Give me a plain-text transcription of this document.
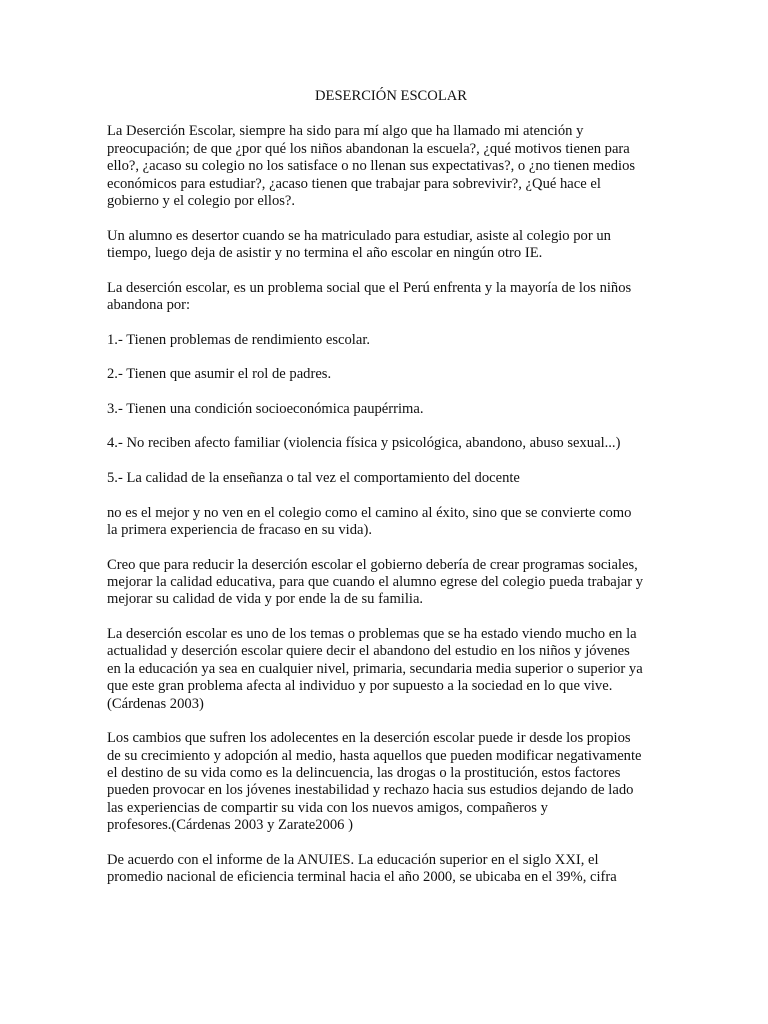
DESERCIÓN ESCOLAR
La Deserción Escolar, siempre ha sido para mí algo que ha llamado mi atención y
preocupación; de que ¿por qué los niños abandonan la escuela?, ¿qué motivos tienen para
ello?, ¿acaso su colegio no los satisface o no llenan sus expectativas?, o ¿no tienen medios
económicos para estudiar?, ¿acaso tienen que trabajar para sobrevivir?, ¿Qué hace el
gobierno y el colegio por ellos?.
Un alumno es desertor cuando se ha matriculado para estudiar, asiste al colegio por un
tiempo, luego deja de asistir y no termina el año escolar en ningún otro IE.
La deserción escolar, es un problema social que el Perú enfrenta y la mayoría de los niños
abandona por:
1.- Tienen problemas de rendimiento escolar.
2.- Tienen que asumir el rol de padres.
3.- Tienen una condición socioeconómica paupérrima.
4.- No reciben afecto familiar (violencia física y psicológica, abandono, abuso sexual...)
5.- La calidad de la enseñanza o tal vez el comportamiento del docente
no es el mejor y no ven en el colegio como el camino al éxito, sino que se convierte como
la primera experiencia de fracaso en su vida).
Creo que para reducir la deserción escolar el gobierno debería de crear programas sociales,
mejorar la calidad educativa, para que cuando el alumno egrese del colegio pueda trabajar y
mejorar su calidad de vida y por ende la de su familia.
La deserción escolar es uno de los temas o problemas que se ha estado viendo mucho en la
actualidad y deserción escolar quiere decir el abandono del estudio en los niños y jóvenes
en la educación ya sea en cualquier nivel, primaria, secundaria media superior o superior ya
que este gran problema afecta al individuo y por supuesto a la sociedad en lo que vive.
(Cárdenas 2003)
Los cambios que sufren los adolecentes en la deserción escolar puede ir desde los propios
de su crecimiento y adopción al medio, hasta aquellos que pueden modificar negativamente
el destino de su vida como es la delincuencia, las drogas o la prostitución, estos factores
pueden provocar en los jóvenes inestabilidad y rechazo hacia sus estudios dejando de lado
las experiencias de compartir su vida con los nuevos amigos, compañeros y
profesores.(Cárdenas 2003 y Zarate2006 )
De acuerdo con el informe de la ANUIES. La educación superior en el siglo XXI, el
promedio nacional de eficiencia terminal hacia el año 2000, se ubicaba en el 39%, cifra
